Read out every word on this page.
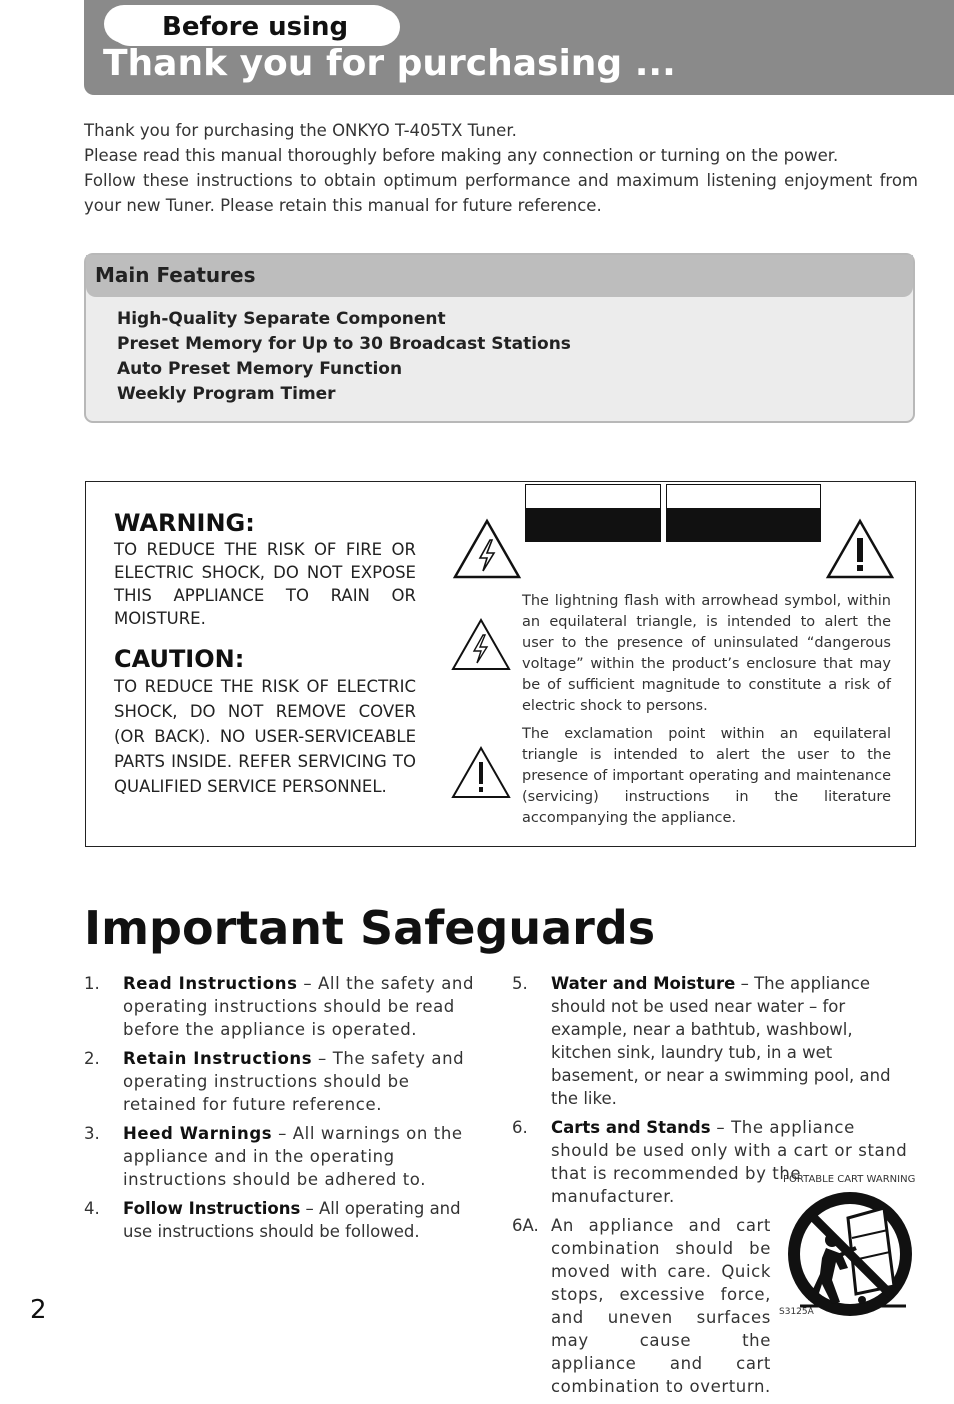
Before using
Thank you for purchasing ...

Thank you for purchasing the ONKYO T-405TX Tuner.

Please read this manual thoroughly before making any connection or turning on the power.

Follow these instructions to obtain optimum performance and maximum listening enjoyment from your new Tuner. Please retain this manual for future reference.

Main Features
High-Quality Separate Component
Preset Memory for Up to 30 Broadcast Stations
Auto Preset Memory Function
Weekly Program Timer
WARNING:
TO REDUCE THE RISK OF FIRE OR ELECTRIC SHOCK, DO NOT EXPOSE THIS APPLIANCE TO RAIN OR MOISTURE.
CAUTION:
TO REDUCE THE RISK OF ELECTRIC SHOCK, DO NOT REMOVE COVER (OR BACK). NO USER-SERVICEABLE PARTS INSIDE. REFER SERVICING TO QUALIFIED SERVICE PERSONNEL.
The lightning flash with arrowhead symbol, within an equilateral triangle, is intended to alert the user to the presence of uninsulated “dangerous voltage” within the product’s enclosure that may be of sufficient magnitude to constitute a risk of electric shock to persons.
The exclamation point within an equilateral triangle is intended to alert the user to the presence of important operating and maintenance (servicing) instructions in the literature accompanying the appliance.
Important Safeguards
1. Read Instructions – All the safety and operating instructions should be read before the appliance is operated.
2. Retain Instructions – The safety and operating instructions should be retained for future reference.
3. Heed Warnings – All warnings on the appliance and in the operating instructions should be adhered to.
4. Follow Instructions – All operating and use instructions should be followed.
5. Water and Moisture – The appliance should not be used near water – for example, near a bathtub, washbowl, kitchen sink, laundry tub, in a wet basement, or near a swimming pool, and the like.
6. Carts and Stands – The appliance should be used only with a cart or stand that is recommended by the manufacturer.
6A. An appliance and cart combination should be moved with care. Quick stops, excessive force, and uneven surfaces may cause the appliance and cart combination to overturn.
PORTABLE CART WARNING
S3125A
2
